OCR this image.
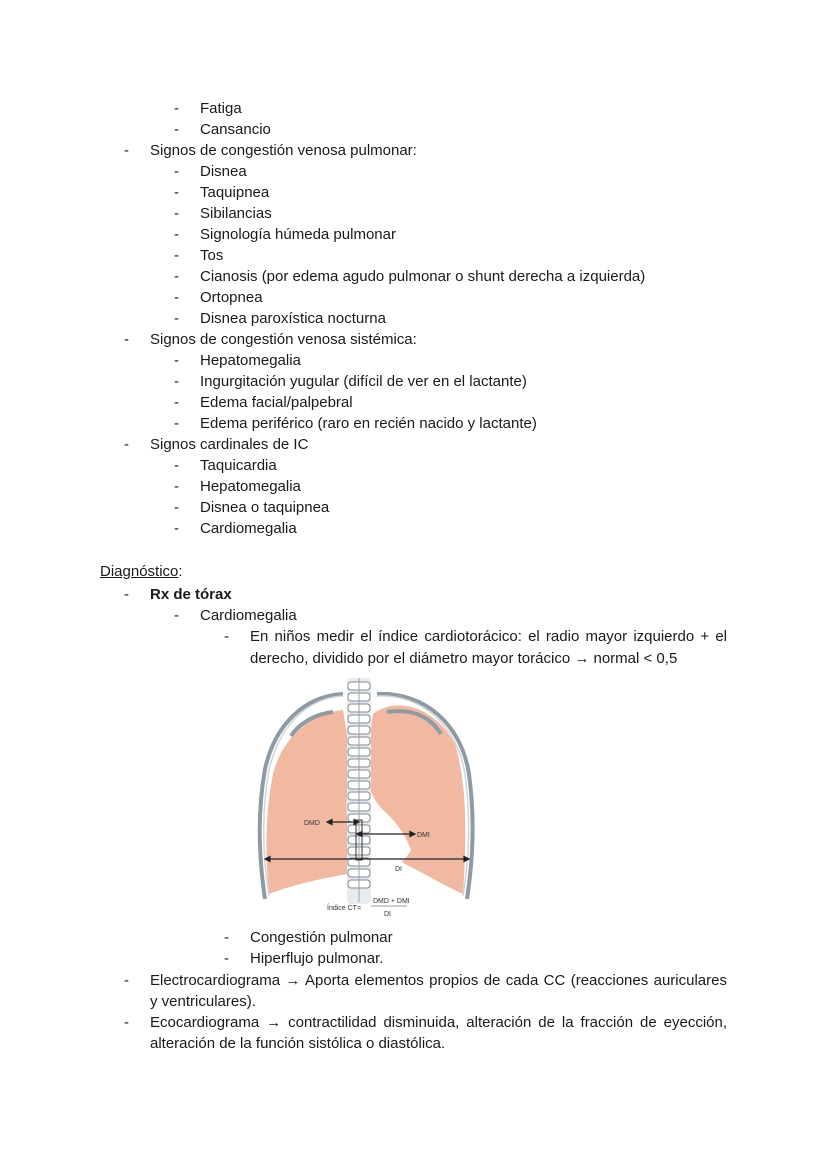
- Fatiga
- Cansancio
- Signos de congestión venosa pulmonar:
- Disnea
- Taquipnea
- Sibilancias
- Signología húmeda pulmonar
- Tos
- Cianosis (por edema agudo pulmonar o shunt derecha a izquierda)
- Ortopnea
- Disnea paroxística nocturna
- Signos de congestión venosa sistémica:
- Hepatomegalia
- Ingurgitación yugular (difícil de ver en el lactante)
- Edema facial/palpebral
- Edema periférico (raro en recién nacido y lactante)
- Signos cardinales de IC
- Taquicardia
- Hepatomegalia
- Disnea o taquipnea
- Cardiomegalia
Diagnóstico:
- Rx de tórax
- Cardiomegalia
- En niños medir el índice cardiotorácico: el radio mayor izquierdo + el
derecho, dividido por el diámetro mayor torácico → normal < 0,5
DMD
DMI
DI
Índice CT=
DMD + DMI
DI
- Congestión pulmonar
- Hiperflujo pulmonar.
- Electrocardiograma → Aporta elementos propios de cada CC (reacciones auriculares
y ventriculares).
- Ecocardiograma → contractilidad disminuida, alteración de la fracción de eyección,
alteración de la función sistólica o diastólica.
